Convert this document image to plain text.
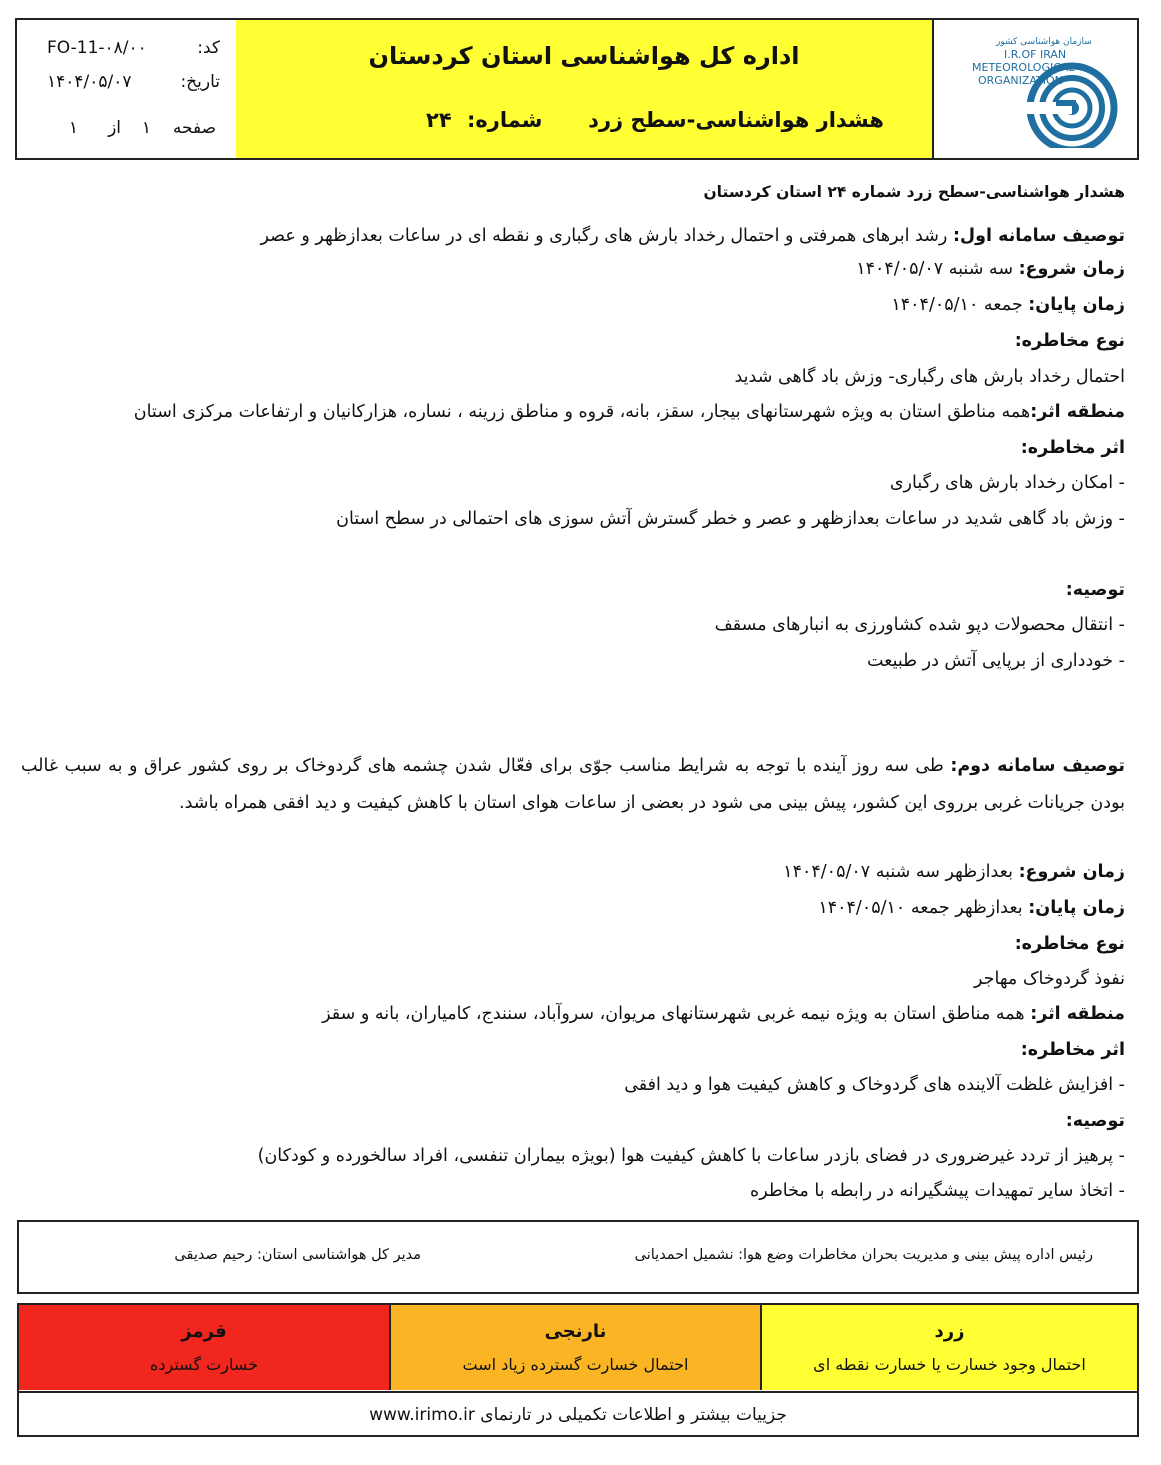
سازمان هواشناسی کشور
I.R.OF IRAN
METEOROLOGICAL
ORGANIZATION
اداره کل هواشناسی استان کردستان
هشدار هواشناسی-سطح زرد
شماره: ۲۴
کد:
FO-11-۰۸/۰۰
تاریخ:
۱۴۰۴/۰۵/۰۷
صفحه
۱
از
۱
هشدار هواشناسی-سطح زرد شماره ۲۴ استان کردستان
توصیف سامانه اول: رشد ابرهای همرفتی و احتمال رخداد بارش های رگباری و نقطه ای در ساعات بعدازظهر و عصر
زمان شروع: سه شنبه ۱۴۰۴/۰۵/۰۷
زمان پایان: جمعه ۱۴۰۴/۰۵/۱۰
نوع مخاطره:
احتمال رخداد بارش های رگباری- وزش باد گاهی شدید
منطقه اثر:همه مناطق استان به ویژه شهرستانهای بیجار، سقز، بانه، قروه و مناطق زرینه ، نساره، هزارکانیان و ارتفاعات مرکزی استان
اثر مخاطره:
- امکان رخداد بارش های رگباری
- وزش باد گاهی شدید در ساعات بعدازظهر و عصر و خطر گسترش آتش سوزی های احتمالی در سطح استان
توصیه:
- انتقال محصولات دپو شده کشاورزی به انبارهای مسقف
- خودداری از برپایی آتش در طبیعت
توصیف سامانه دوم: طی سه روز آینده با توجه به شرایط مناسب جوّی برای فعّال شدن چشمه های گردوخاک بر روی کشور عراق و به سبب غالب بودن جریانات غربی برروی این کشور، پیش بینی می شود در بعضی از ساعات هوای استان با کاهش کیفیت و دید افقی همراه باشد.
زمان شروع: بعدازظهر سه شنبه ۱۴۰۴/۰۵/۰۷
زمان پایان: بعدازظهر جمعه ۱۴۰۴/۰۵/۱۰
نوع مخاطره:
نفوذ گردوخاک مهاجر
منطقه اثر: همه مناطق استان به ویژه نیمه غربی شهرستانهای مریوان، سروآباد، سنندج، کامیاران، بانه و سقز
اثر مخاطره:
- افزایش غلظت آلاینده های گردوخاک و کاهش کیفیت هوا و دید افقی
توصیه:
- پرهیز از تردد غیرضروری در فضای بازدر ساعات با کاهش کیفیت هوا (بویژه بیماران تنفسی، افراد سالخورده و کودکان)
- اتخاذ سایر تمهیدات پیشگیرانه در رابطه با مخاطره
رئیس اداره پیش بینی و مدیریت بحران مخاطرات وضع هوا: نشمیل احمدیانی
مدیر کل هواشناسی استان: رحیم صدیقی
زرد
احتمال وجود خسارت یا خسارت نقطه ای
نارنجی
احتمال خسارت گسترده زیاد است
قرمز
خسارت گسترده
جزییات بیشتر و اطلاعات تکمیلی در تارنمای www.irimo.ir
